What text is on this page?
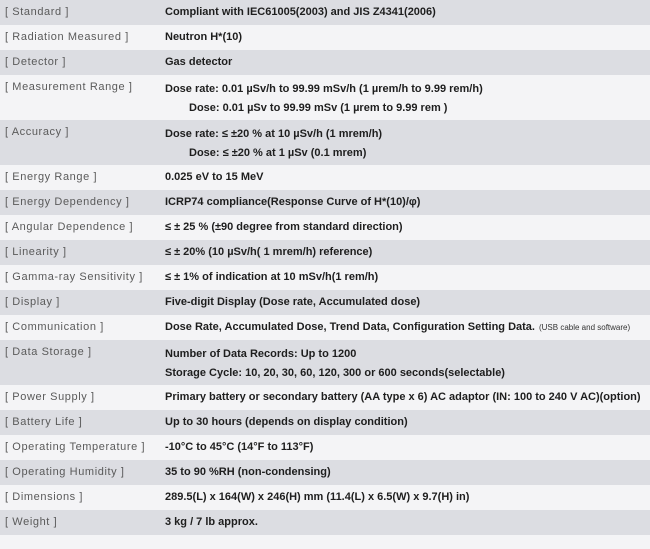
[ Standard ]	Compliant with IEC61005(2003) and JIS Z4341(2006)

[ Radiation Measured ]	Neutron H*(10)

[ Detector ]	Gas detector

[ Measurement Range ]	Dose rate: 0.01 µSv/h to 99.99 mSv/h (1 µrem/h to 9.99 rem/h)
Dose: 0.01 µSv to 99.99 mSv (1 µrem to 9.99 rem )

[ Accuracy ]	Dose rate: ≤ ±20 % at 10 µSv/h (1 mrem/h)
Dose: ≤ ±20 % at 1 µSv (0.1 mrem)

[ Energy Range ]	0.025 eV to 15 MeV

[ Energy Dependency ]	ICRP74 compliance(Response Curve of H*(10)/φ)

[ Angular Dependence ]	≤ ± 25 % (±90 degree from standard direction)

[ Linearity ]	≤ ± 20% (10 µSv/h( 1 mrem/h) reference)

[ Gamma-ray Sensitivity ]	≤ ± 1% of indication at 10 mSv/h(1 rem/h)

[ Display ]	Five-digit Display (Dose rate, Accumulated dose)

[ Communication ]	Dose Rate, Accumulated Dose, Trend Data, Configuration Setting Data. (USB cable and software)

[ Data Storage ]	Number of Data Records: Up to 1200
Storage Cycle: 10, 20, 30, 60, 120, 300 or 600 seconds(selectable)

[ Power Supply ]	Primary battery or secondary battery (AA type x 6) AC adaptor (IN: 100 to 240 V AC)(option)

[ Battery Life ]	Up to 30 hours (depends on display condition)

[ Operating Temperature ]	-10°C to 45°C (14°F to 113°F)

[ Operating Humidity ]	35 to 90 %RH (non-condensing)

[ Dimensions ]	289.5(L) x 164(W) x 246(H) mm (11.4(L) x 6.5(W) x 9.7(H) in)

[ Weight ]	3 kg / 7 lb approx.
